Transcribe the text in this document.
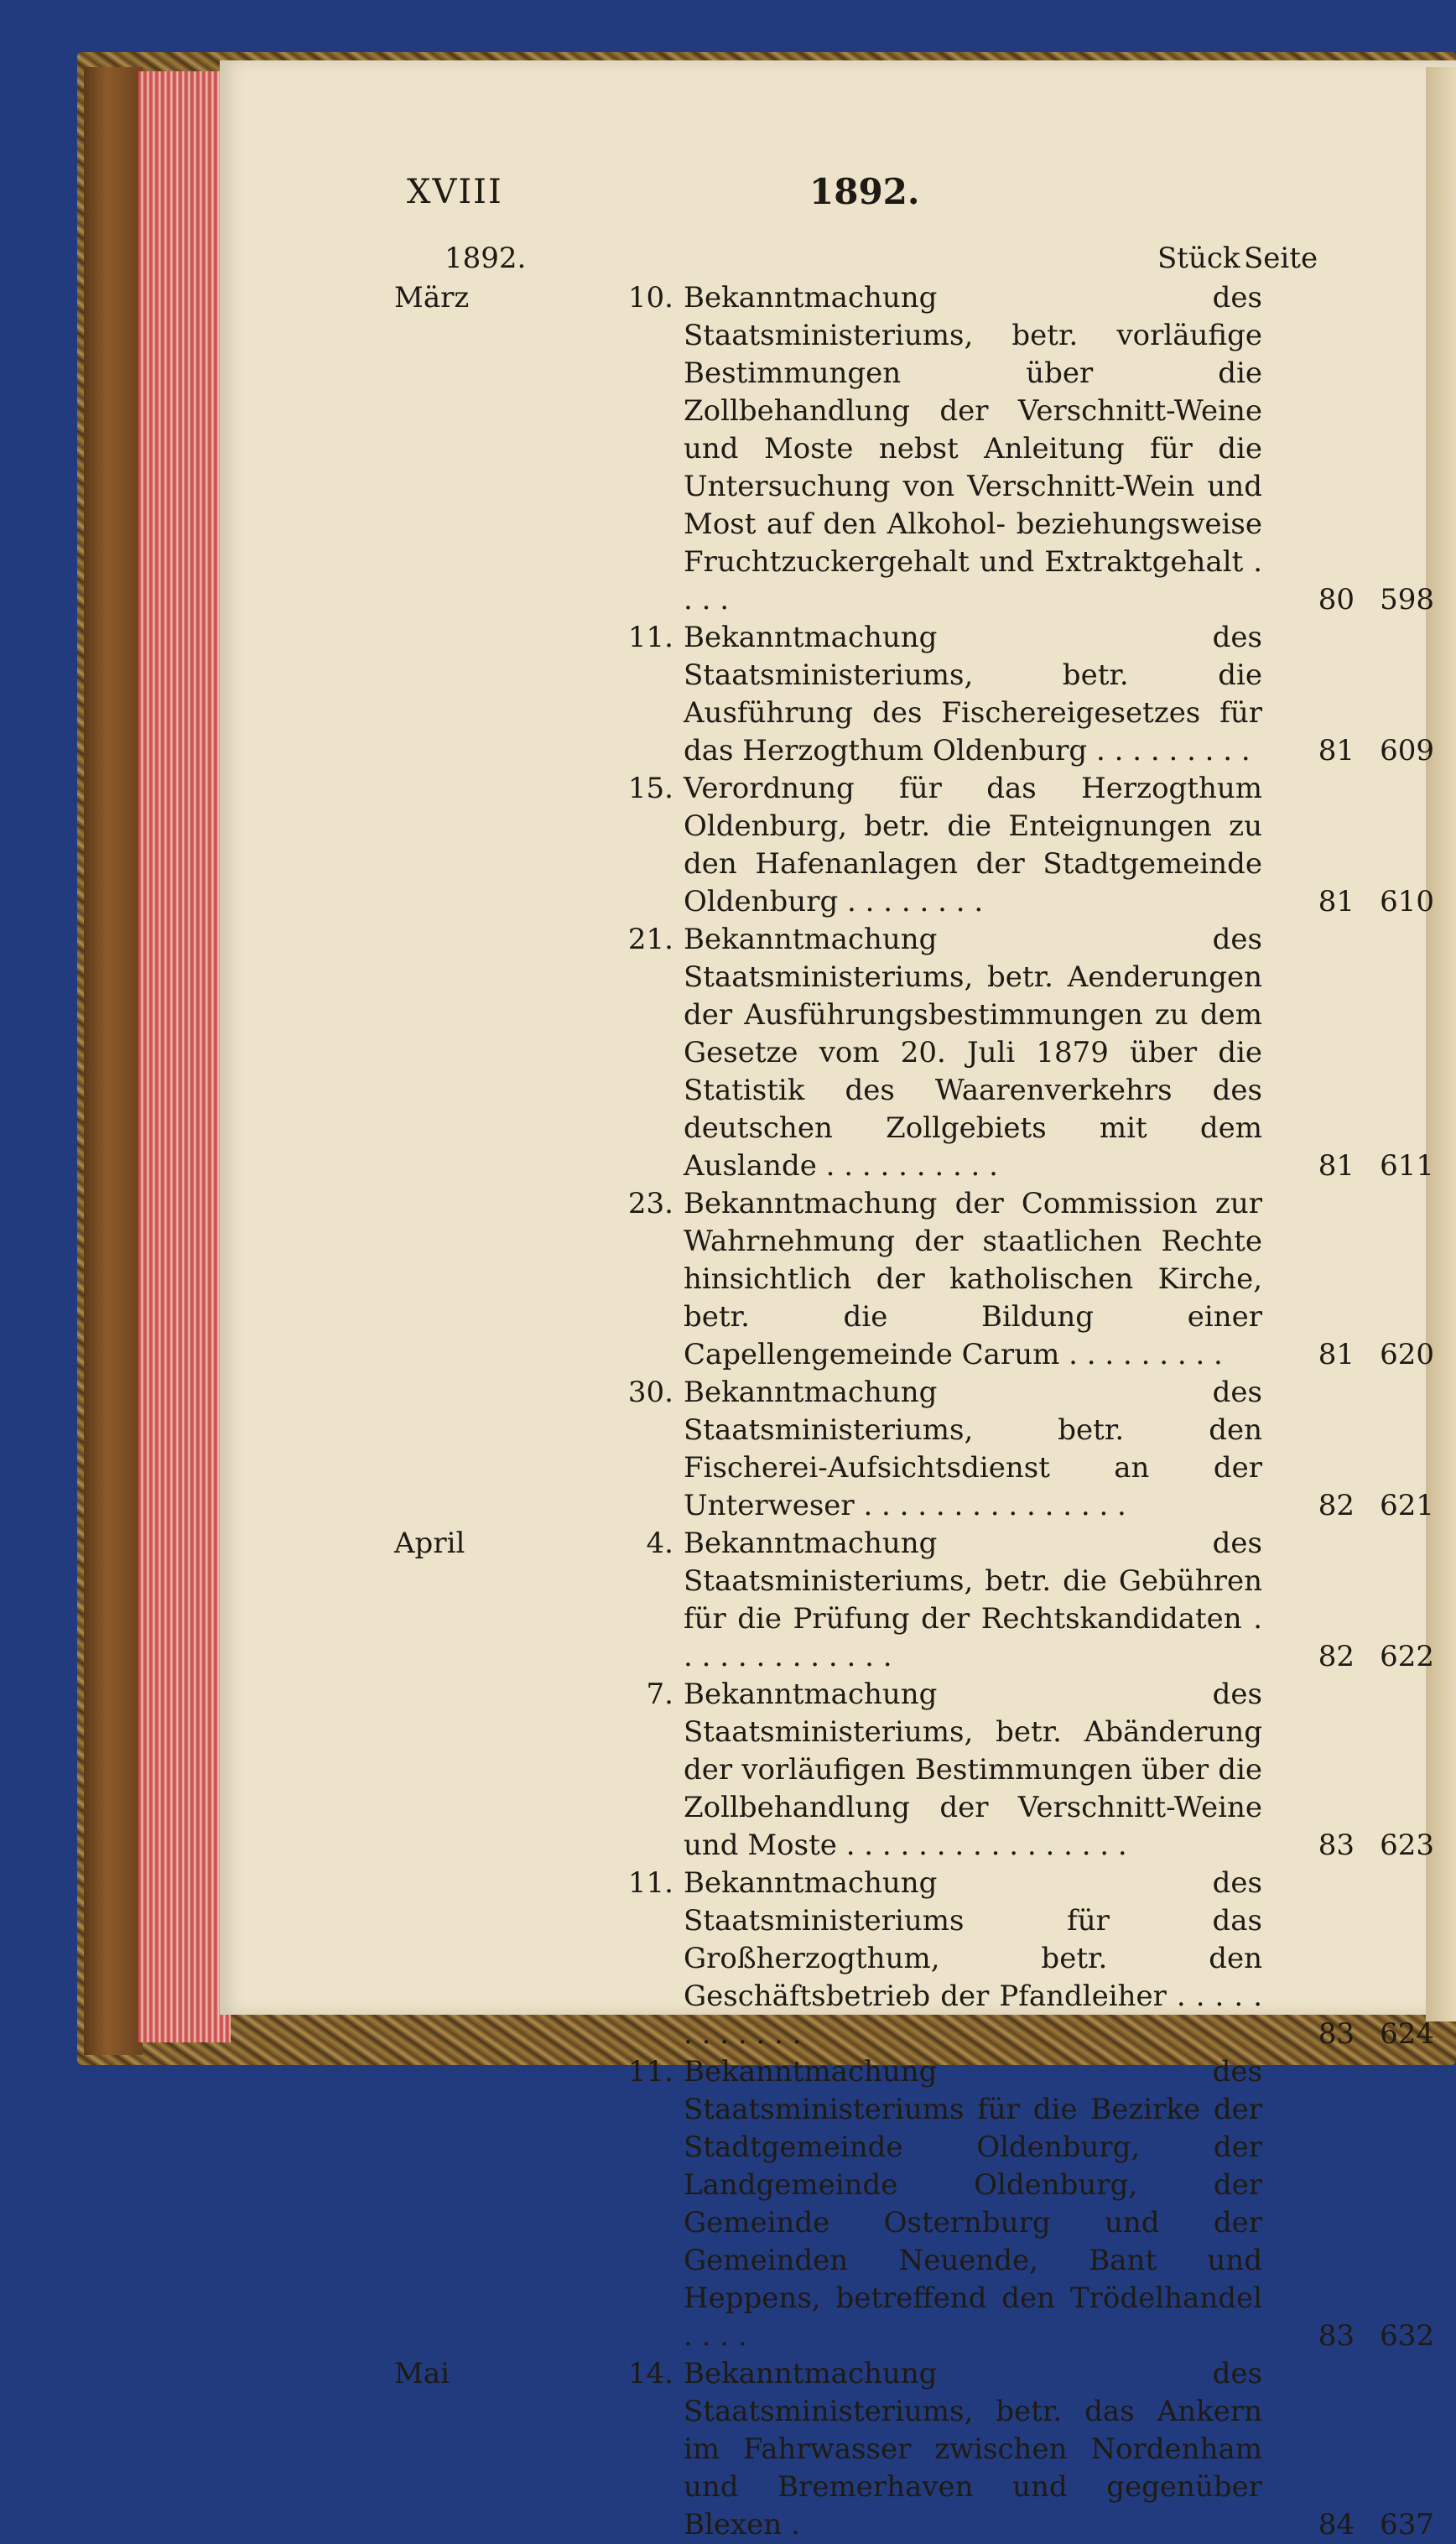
XVIII	1892.
1892.	Stück Seite
März	10. Bekanntmachung des Staatsministeriums, betr. vorläufige Bestimmungen über die Zollbehandlung der Verschnitt-Weine und Moste nebst Anleitung für die Untersuchung von Verschnitt-Wein und Most auf den Alkohol- beziehungsweise Fruchtzuckergehalt und Extraktgehalt . . . .	80 598
11. Bekanntmachung des Staatsministeriums, betr. die Ausführung des Fischereigesetzes für das Herzogthum Oldenburg . . . . . . . . .	81 609
15. Verordnung für das Herzogthum Oldenburg, betr. die Enteignungen zu den Hafenanlagen der Stadtgemeinde Oldenburg . . . . . . . .	81 610
21. Bekanntmachung des Staatsministeriums, betr. Aenderungen der Ausführungsbestimmungen zu dem Gesetze vom 20. Juli 1879 über die Statistik des Waarenverkehrs des deutschen Zollgebiets mit dem Auslande . . . . . . . . . .	81 611
23. Bekanntmachung der Commission zur Wahrnehmung der staatlichen Rechte hinsichtlich der katholischen Kirche, betr. die Bildung einer Capellengemeinde Carum . . . . . . . . .	81 620
30. Bekanntmachung des Staatsministeriums, betr. den Fischerei-Aufsichtsdienst an der Unterweser . . . . . . . . . . . . . . .	82 621
April	4. Bekanntmachung des Staatsministeriums, betr. die Gebühren für die Prüfung der Rechtskandidaten . . . . . . . . . . . . .	82 622
7. Bekanntmachung des Staatsministeriums, betr. Abänderung der vorläufigen Bestimmungen über die Zollbehandlung der Verschnitt-Weine und Moste . . . . . . . . . . . . . . . .	83 623
11. Bekanntmachung des Staatsministeriums für das Großherzogthum, betr. den Geschäftsbetrieb der Pfandleiher . . . . . . . . . . . .	83 624
11. Bekanntmachung des Staatsministeriums für die Bezirke der Stadtgemeinde Oldenburg, der Landgemeinde Oldenburg, der Gemeinde Osternburg und der Gemeinden Neuende, Bant und Heppens, betreffend den Trödelhandel . . . .	83 632
Mai	14. Bekanntmachung des Staatsministeriums, betr. das Ankern im Fahrwasser zwischen Nordenham und Bremerhaven und gegenüber Blexen .	84 637
